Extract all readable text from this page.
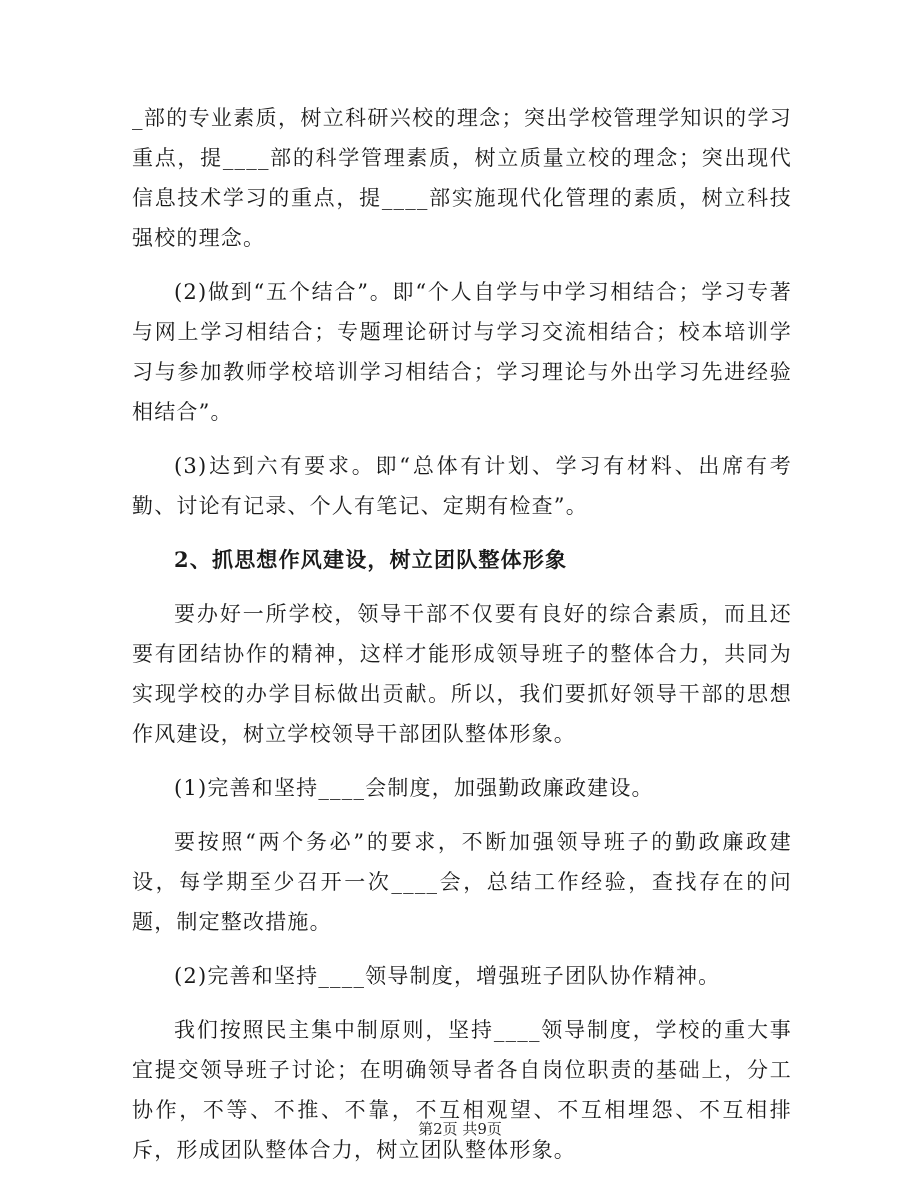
_部的专业素质，树立科研兴校的理念；突出学校管理学知识的学习重点，提____部的科学管理素质，树立质量立校的理念；突出现代信息技术学习的重点，提____部实施现代化管理的素质，树立科技强校的理念。

(2)做到“五个结合”。即“个人自学与中学习相结合；学习专著与网上学习相结合；专题理论研讨与学习交流相结合；校本培训学习与参加教师学校培训学习相结合；学习理论与外出学习先进经验相结合”。

(3)达到六有要求。即“总体有计划、学习有材料、出席有考勤、讨论有记录、个人有笔记、定期有检查”。

2、抓思想作风建设，树立团队整体形象

要办好一所学校，领导干部不仅要有良好的综合素质，而且还要有团结协作的精神，这样才能形成领导班子的整体合力，共同为实现学校的办学目标做出贡献。所以，我们要抓好领导干部的思想作风建设，树立学校领导干部团队整体形象。

(1)完善和坚持____会制度，加强勤政廉政建设。

要按照“两个务必”的要求，不断加强领导班子的勤政廉政建设，每学期至少召开一次____会，总结工作经验，查找存在的问题，制定整改措施。

(2)完善和坚持____领导制度，增强班子团队协作精神。

我们按照民主集中制原则，坚持____领导制度，学校的重大事宜提交领导班子讨论；在明确领导者各自岗位职责的基础上，分工协作，不等、不推、不靠，不互相观望、不互相埋怨、不互相排斥，形成团队整体合力，树立团队整体形象。

第2页 共9页
